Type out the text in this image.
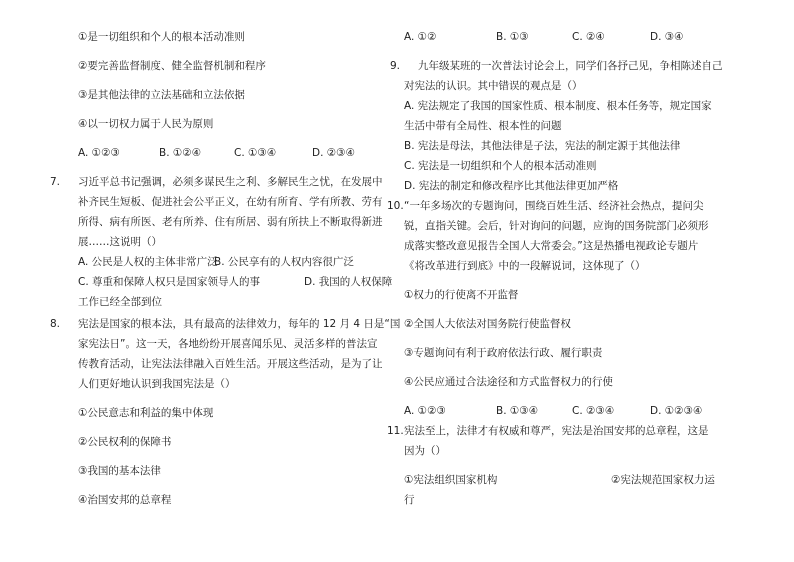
①是一切组织和个人的根本活动准则
②要完善监督制度、健全监督机制和程序
③是其他法律的立法基础和立法依据
④以一切权力属于人民为原则
A. ①②③	B. ①②④	C. ①③④	D. ②③④
7. 习近平总书记强调，必须多谋民生之利、多解民生之忧，在发展中
补齐民生短板、促进社会公平正义，在幼有所育、学有所教、劳有
所得、病有所医、老有所养、住有所居、弱有所扶上不断取得新进
展……这说明（）
A. 公民是人权的主体非常广泛
B. 公民享有的人权内容很广泛
C. 尊重和保障人权只是国家领导人的事	D. 我国的人权保障
工作已经全部到位
8. 宪法是国家的根本法，具有最高的法律效力，每年的 12 月 4 日是“国
家宪法日”。这一天，各地纷纷开展喜闻乐见、灵活多样的普法宣
传教育活动，让宪法法律融入百姓生活。开展这些活动，是为了让
人们更好地认识到我国宪法是（）
①公民意志和利益的集中体现
②公民权利的保障书
③我国的基本法律
④治国安邦的总章程
A. ①②	B. ①③	C. ②④	D. ③④
9. 九年级某班的一次普法讨论会上，同学们各抒己见，争相陈述自己
对宪法的认识。其中错误的观点是（）
A. 宪法规定了我国的国家性质、根本制度、根本任务等，规定国家
生活中带有全局性、根本性的问题
B. 宪法是母法，其他法律是子法，宪法的制定源于其他法律
C. 宪法是一切组织和个人的根本活动准则
D. 宪法的制定和修改程序比其他法律更加严格
10. “一年多场次的专题询问，围绕百姓生活、经济社会热点，提问尖
锐，直指关键。会后，针对询问的问题，应询的国务院部门必须形
成落实整改意见报告全国人大常委会。”这是热播电视政论专题片
《将改革进行到底》中的一段解说词，这体现了（）
①权力的行使离不开监督
②全国人大依法对国务院行使监督权
③专题询问有利于政府依法行政、履行职责
④公民应通过合法途径和方式监督权力的行使
A. ①②③	B. ①③④	C. ②③④	D. ①②③④
11. 宪法至上，法律才有权威和尊严，宪法是治国安邦的总章程，这是
因为（）
①宪法组织国家机构	②宪法规范国家权力运
行
